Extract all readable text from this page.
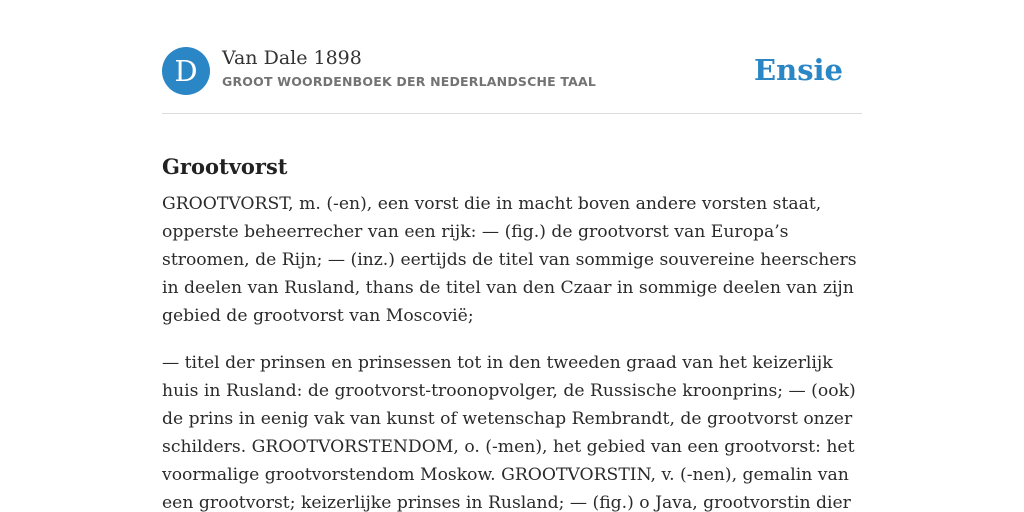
D	Van Dale 1898
GROOT WOORDENBOEK DER NEDERLANDSCHE TAAL	Ensie
Grootvorst

GROOTVORST, m. (-en), een vorst die in macht boven andere vorsten staat, opperste beheerrecher van een rijk: — (fig.) de grootvorst van Europa’s stroomen, de Rijn; — (inz.) eertijds de titel van sommige souvereine heerschers in deelen van Rusland, thans de titel van den Czaar in sommige deelen van zijn gebied de grootvorst van Moscovië;

— titel der prinsen en prinsessen tot in den tweeden graad van het keizerlijk huis in Rusland: de grootvorst-troonopvolger, de Russische kroonprins; — (ook) de prins in eenig vak van kunst of wetenschap Rembrandt, de grootvorst onzer schilders. GROOTVORSTENDOM, o. (-men), het gebied van een grootvorst: het voormalige grootvorstendom Moskow. GROOTVORSTIN, v. (-nen), gemalin van een grootvorst; keizerlijke prinses in Rusland; — (fig.) o Java, grootvorstin dier
